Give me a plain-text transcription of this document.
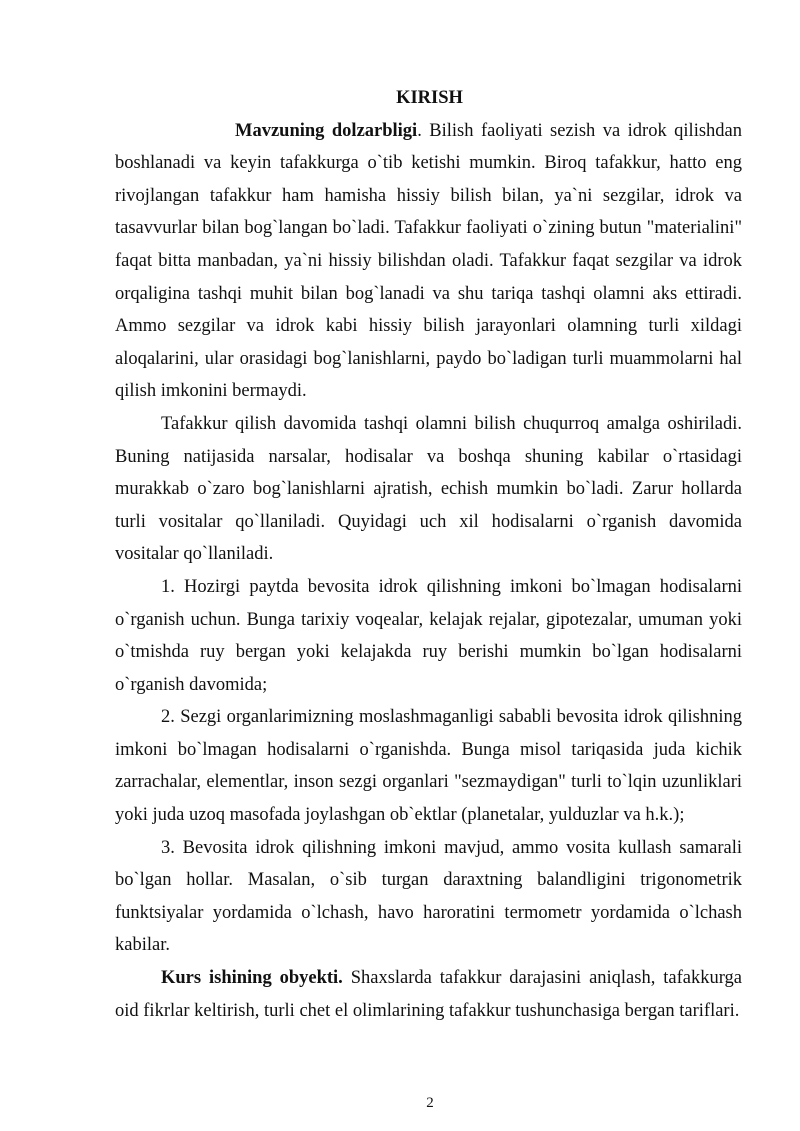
KIRISH

Mavzuning dolzarbligi. Bilish faoliyati sezish va idrok qilishdan boshlanadi va keyin tafakkurga o`tib ketishi mumkin. Biroq tafakkur, hatto eng rivojlangan tafakkur ham hamisha hissiy bilish bilan, ya`ni sezgilar, idrok va tasavvurlar bilan bog`langan bo`ladi. Tafakkur faoliyati o`zining butun "materialini" faqat bitta manbadan, ya`ni hissiy bilishdan oladi. Tafakkur faqat sezgilar va idrok orqaligina tashqi muhit bilan bog`lanadi va shu tariqa tashqi olamni aks ettiradi. Ammo sezgilar va idrok kabi hissiy bilish jarayonlari olamning turli xildagi aloqalarini, ular orasidagi bog`lanishlarni, paydo bo`ladigan turli muammolarni hal qilish imkonini bermaydi.

Tafakkur qilish davomida tashqi olamni bilish chuqurroq amalga oshiriladi. Buning natijasida narsalar, hodisalar va boshqa shuning kabilar o`rtasidagi murakkab o`zaro bog`lanishlarni ajratish, echish mumkin bo`ladi. Zarur hollarda turli vositalar qo`llaniladi. Quyidagi uch xil hodisalarni o`rganish davomida vositalar qo`llaniladi.

1. Hozirgi paytda bevosita idrok qilishning imkoni bo`lmagan hodisalarni o`rganish uchun. Bunga tarixiy voqealar, kelajak rejalar, gipotezalar, umuman yoki o`tmishda ruy bergan yoki kelajakda ruy berishi mumkin bo`lgan hodisalarni o`rganish davomida;

2. Sezgi organlarimizning moslashmaganligi sababli bevosita idrok qilishning imkoni bo`lmagan hodisalarni o`rganishda. Bunga misol tariqasida juda kichik zarrachalar, elementlar, inson sezgi organlari "sezmaydigan" turli to`lqin uzunliklari yoki juda uzoq masofada joylashgan ob`ektlar (planetalar, yulduzlar va h.k.);

3. Bevosita idrok qilishning imkoni mavjud, ammo vosita kullash samarali bo`lgan hollar. Masalan, o`sib turgan daraxtning balandligini trigonometrik funktsiyalar yordamida o`lchash, havo haroratini termometr yordamida o`lchash kabilar.

Kurs ishining obyekti. Shaxslarda tafakkur darajasini aniqlash, tafakkurga oid fikrlar keltirish, turli chet el olimlarining tafakkur tushunchasiga bergan tariflari.

2
